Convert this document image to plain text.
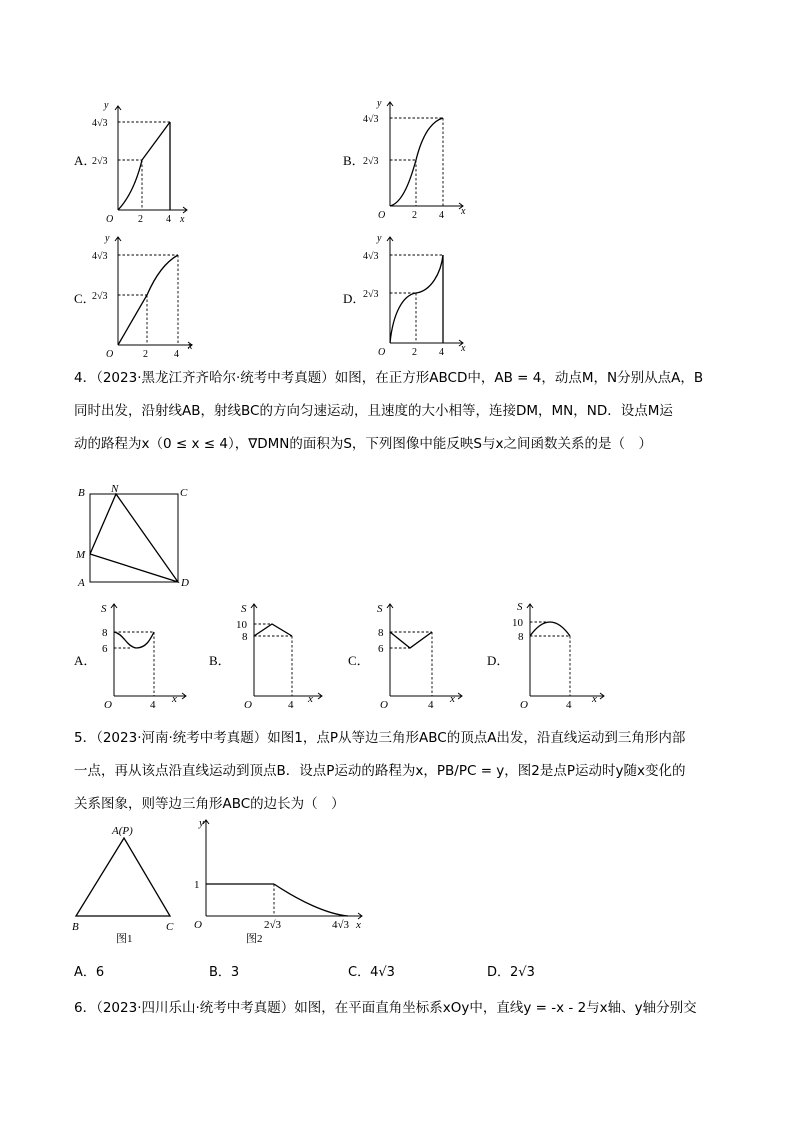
A．
y
4√3
2√3
O 2 4 x
B．
y
4√3
2√3
O	2 4 x
C．
y
4√3
2√3
O	2	4
x
D．
y
4√3
2√3
O	2 4 x
4．（2023·黑龙江齐齐哈尔·统考中考真题）如图，在正方形ABCD中，AB = 4，动点M，N分别从点A，B
同时出发，沿射线AB，射线BC的方向匀速运动，且速度的大小相等，连接DM，MN，ND．设点M运
动的路程为x（0 ≤ x ≤ 4），∇DMN的面积为S，下列图像中能反映S与x之间函数关系的是（　）
B N	C
M
A	D
A．
S
8
6
O	4 x
B．
S
10
8
O	4 x
C．
S
8
6
O	4 x
D．
S
10
8
O	4 x
5．（2023·河南·统考中考真题）如图1，点P从等边三角形ABC的顶点A出发，沿直线运动到三角形内部
一点，再从该点沿直线运动到顶点B．设点P运动的路程为x，PB/PC = y，图2是点P运动时y随x变化的
关系图象，则等边三角形ABC的边长为（　）
A(P)
B	C
图1
y
1
O	2√3	4√3 x
图2
A．6	B．3	C．4√3	D．2√3
6．（2023·四川乐山·统考中考真题）如图，在平面直角坐标系xOy中，直线y = -x - 2与x轴、y轴分别交
